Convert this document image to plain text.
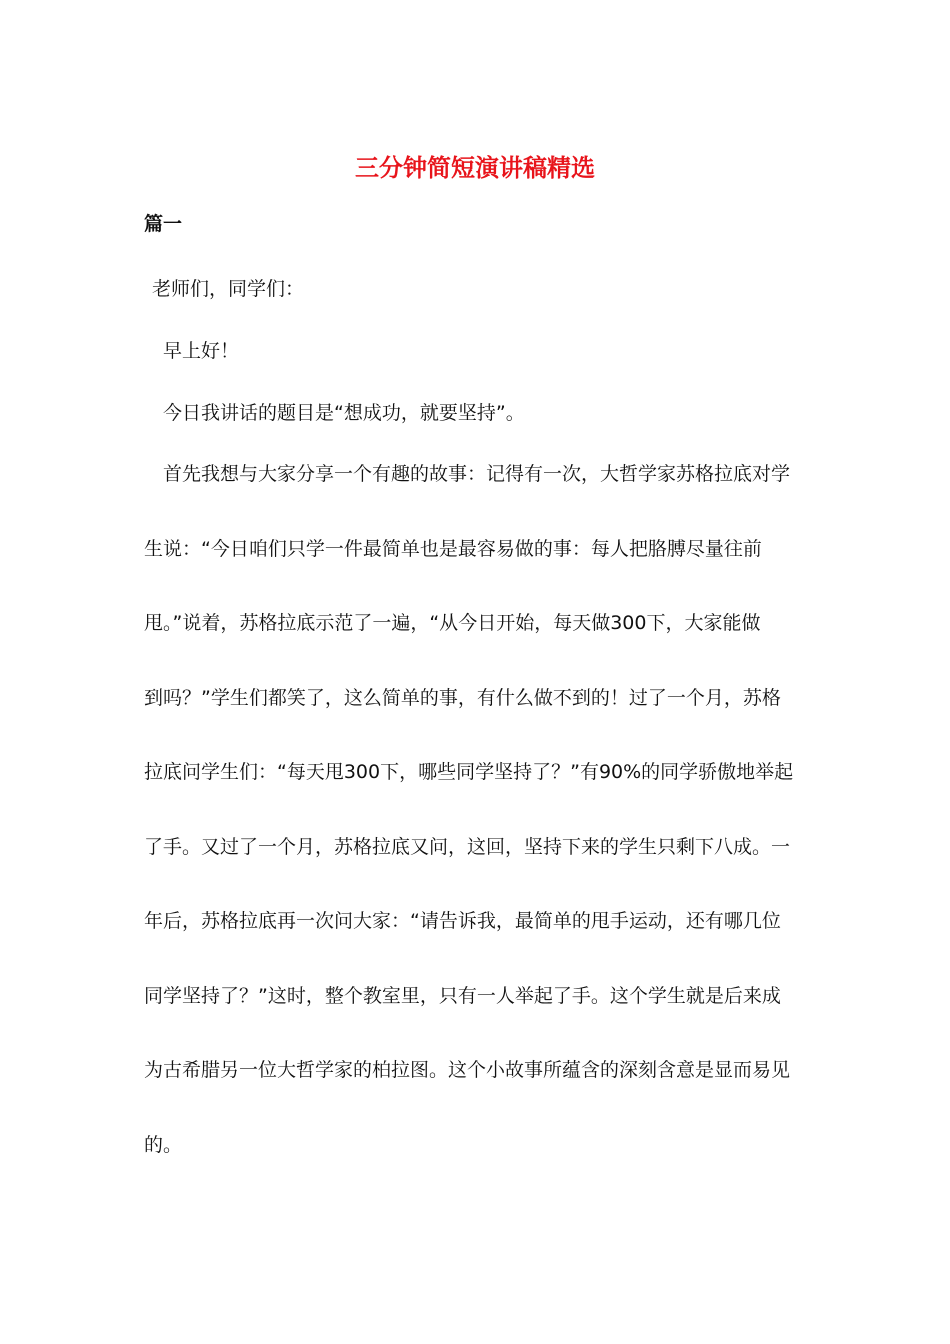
三分钟简短演讲稿精选
篇一

老师们，同学们：

早上好！

今日我讲话的题目是“想成功，就要坚持”。

首先我想与大家分享一个有趣的故事：记得有一次，大哲学家苏格拉底对学

生说：“今日咱们只学一件最简单也是最容易做的事：每人把胳膊尽量往前

甩。”说着，苏格拉底示范了一遍，“从今日开始，每天做300下，大家能做

到吗？”学生们都笑了，这么简单的事，有什么做不到的！过了一个月，苏格

拉底问学生们：“每天甩300下，哪些同学坚持了？”有90%的同学骄傲地举起

了手。又过了一个月，苏格拉底又问，这回，坚持下来的学生只剩下八成。一

年后，苏格拉底再一次问大家：“请告诉我，最简单的甩手运动，还有哪几位

同学坚持了？”这时，整个教室里，只有一人举起了手。这个学生就是后来成

为古希腊另一位大哲学家的柏拉图。这个小故事所蕴含的深刻含意是显而易见

的。
